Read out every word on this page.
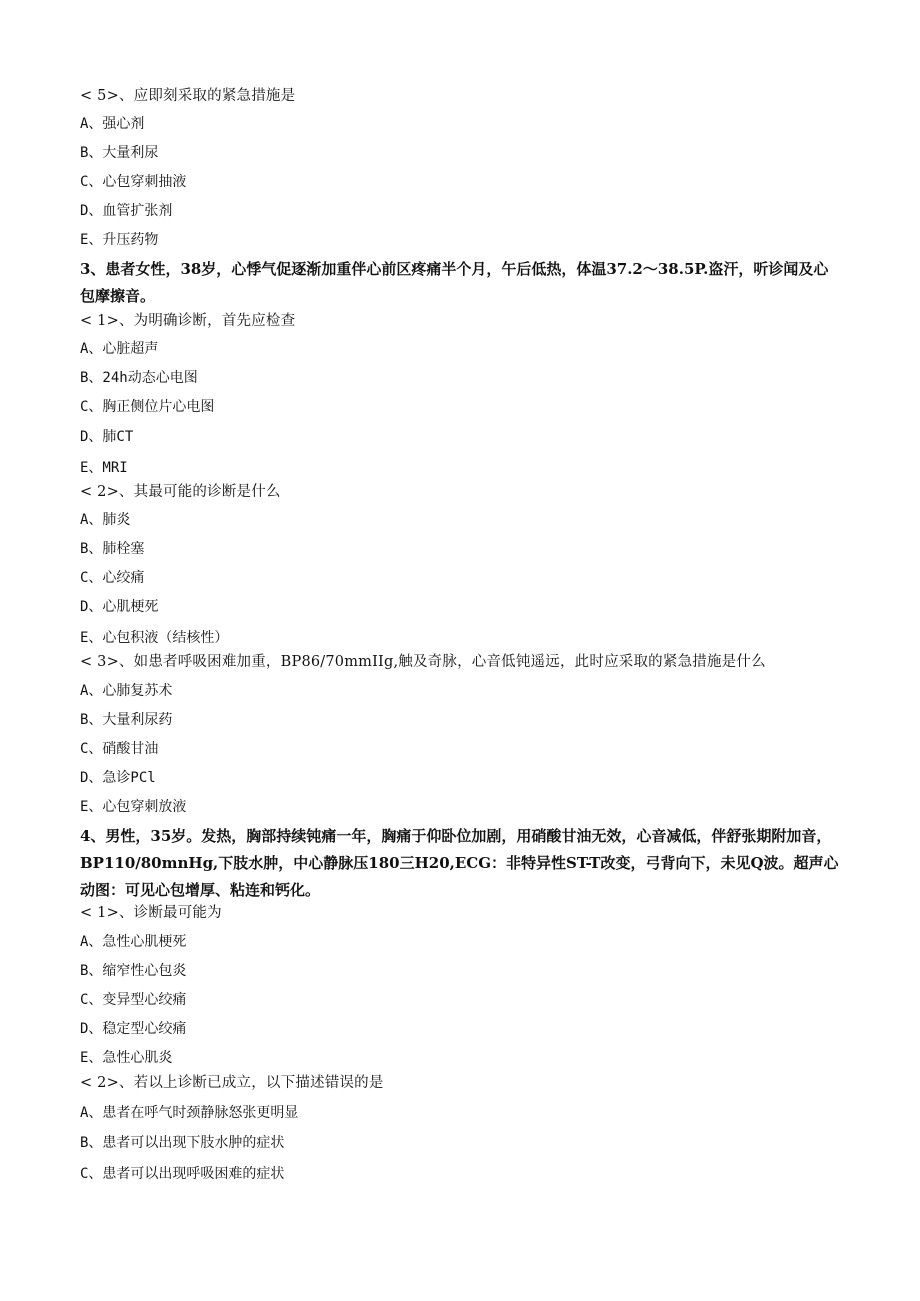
< 5>、应即刻采取的紧急措施是
A、强心剂
B、大量利尿
C、心包穿刺抽液
D、血管扩张剂
E、升压药物
3、患者女性，38岁，心悸气促逐渐加重伴心前区疼痛半个月，午后低热，体温37.2～38.5P.盗汗，听诊闻及心包摩擦音。
< 1>、为明确诊断，首先应检查
A、心脏超声
B、24h动态心电图
C、胸正侧位片心电图
D、肺CT
E、MRI
< 2>、其最可能的诊断是什么
A、肺炎
B、肺栓塞
C、心绞痛
D、心肌梗死
E、心包积液（结核性）
< 3>、如患者呼吸困难加重，BP86/70mmIIg,触及奇脉，心音低钝遥远，此时应采取的紧急措施是什么
A、心肺复苏术
B、大量利尿药
C、硝酸甘油
D、急诊PCl
E、心包穿刺放液
4、男性，35岁。发热，胸部持续钝痛一年，胸痛于仰卧位加剧，用硝酸甘油无效，心音减低，伴舒张期附加音，BP110/80mnHg,下肢水肿，中心静脉压180三H20,ECG：非特异性ST-T改变，弓背向下，未见Q波。超声心动图：可见心包增厚、粘连和钙化。
< 1>、诊断最可能为
A、急性心肌梗死
B、缩窄性心包炎
C、变异型心绞痛
D、稳定型心绞痛
E、急性心肌炎
< 2>、若以上诊断已成立，以下描述错误的是
A、患者在呼气时颈静脉怒张更明显
B、患者可以出现下肢水肿的症状
C、患者可以出现呼吸困难的症状
